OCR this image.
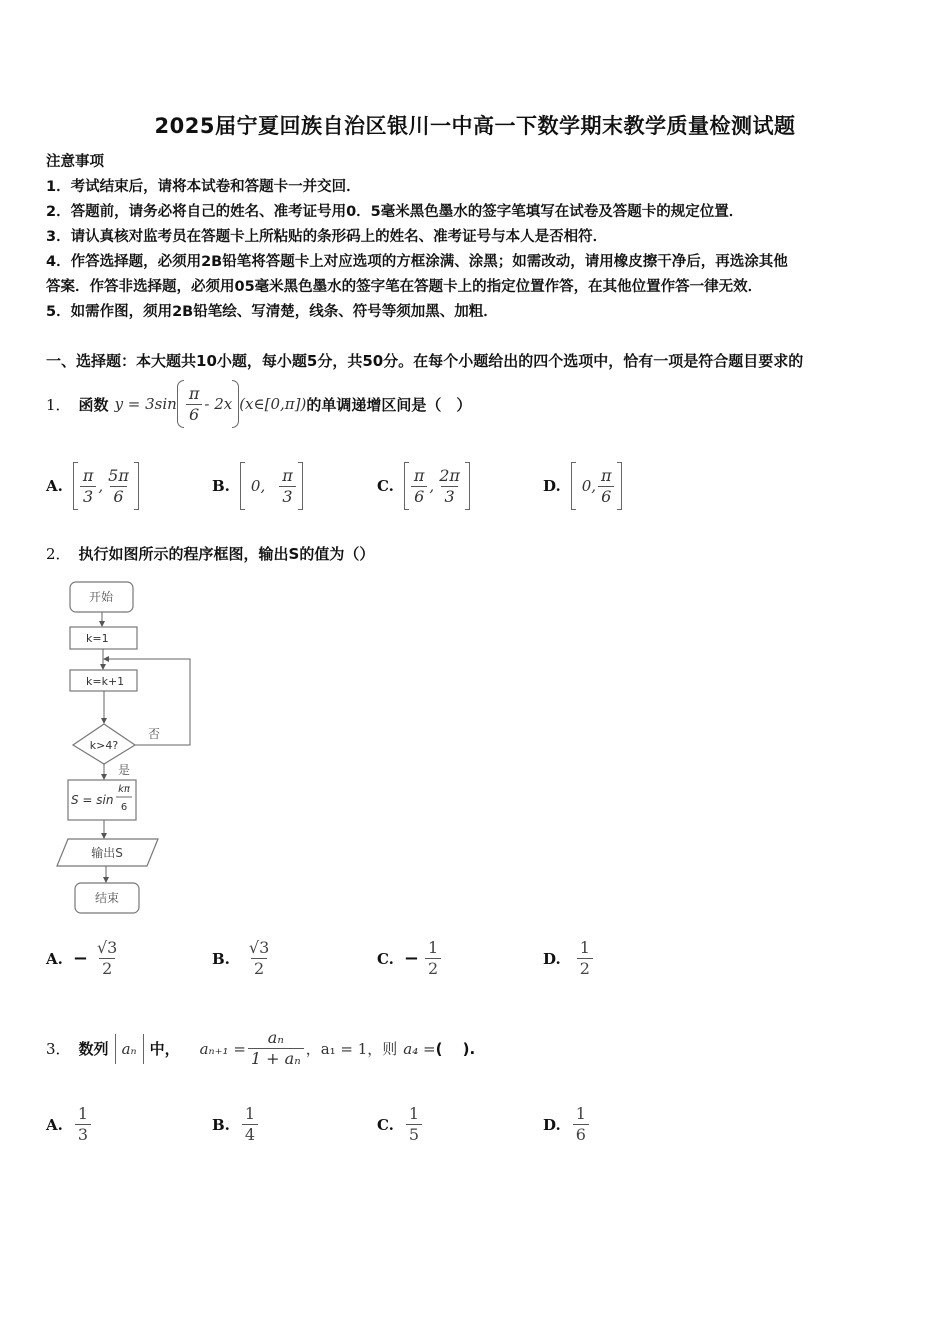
2025届宁夏回族自治区银川一中高一下数学期末教学质量检测试题
注意事项
1．考试结束后，请将本试卷和答题卡一并交回．
2．答题前，请务必将自己的姓名、准考证号用0．5毫米黑色墨水的签字笔填写在试卷及答题卡的规定位置．
3．请认真核对监考员在答题卡上所粘贴的条形码上的姓名、准考证号与本人是否相符．
4．作答选择题，必须用2B铅笔将答题卡上对应选项的方框涂满、涂黑；如需改动，请用橡皮擦干净后，再选涂其他
答案．作答非选择题，必须用05毫米黑色墨水的签字笔在答题卡上的指定位置作答，在其他位置作答一律无效．
5．如需作图，须用2B铅笔绘、写清楚，线条、符号等须加黑、加粗．
一、选择题：本大题共10小题，每小题5分，共50分。在每个小题给出的四个选项中，恰有一项是符合题目要求的
1． 函数 $y = 3\sin \frac{\pi}{6} - 2x$ (x∈[0,π]) 的单调递增区间是（　）
A. $\frac{\pi}{3}$ , $\frac{5\pi}{6}$	B. 0, $\frac{\pi}{3}$	C. $\frac{\pi}{6}$ , $\frac{2\pi}{3}$	D. 0, $\frac{\pi}{6}$
2． 执行如图所示的程序框图，输出S的值为（）
开始
k=1
k=k+1
k>4?
否
是
S = sin
kπ
6
输出S
结束
A. − $\frac{√3}{2}$	B. $\frac{√3}{2}$	C. − $\frac{1}{2}$	D. $\frac{1}{2}$
3． 数列 aₙ 中， $a_{n+1} = \frac{\text{aₙ}}{\text{1 + aₙ}}$ ，a₁ = 1，则 a₄ = (　 ).
A. $\frac{1}{3}$	B. $\frac{1}{4}$	C. $\frac{1}{5}$	D. $\frac{1}{6}$
